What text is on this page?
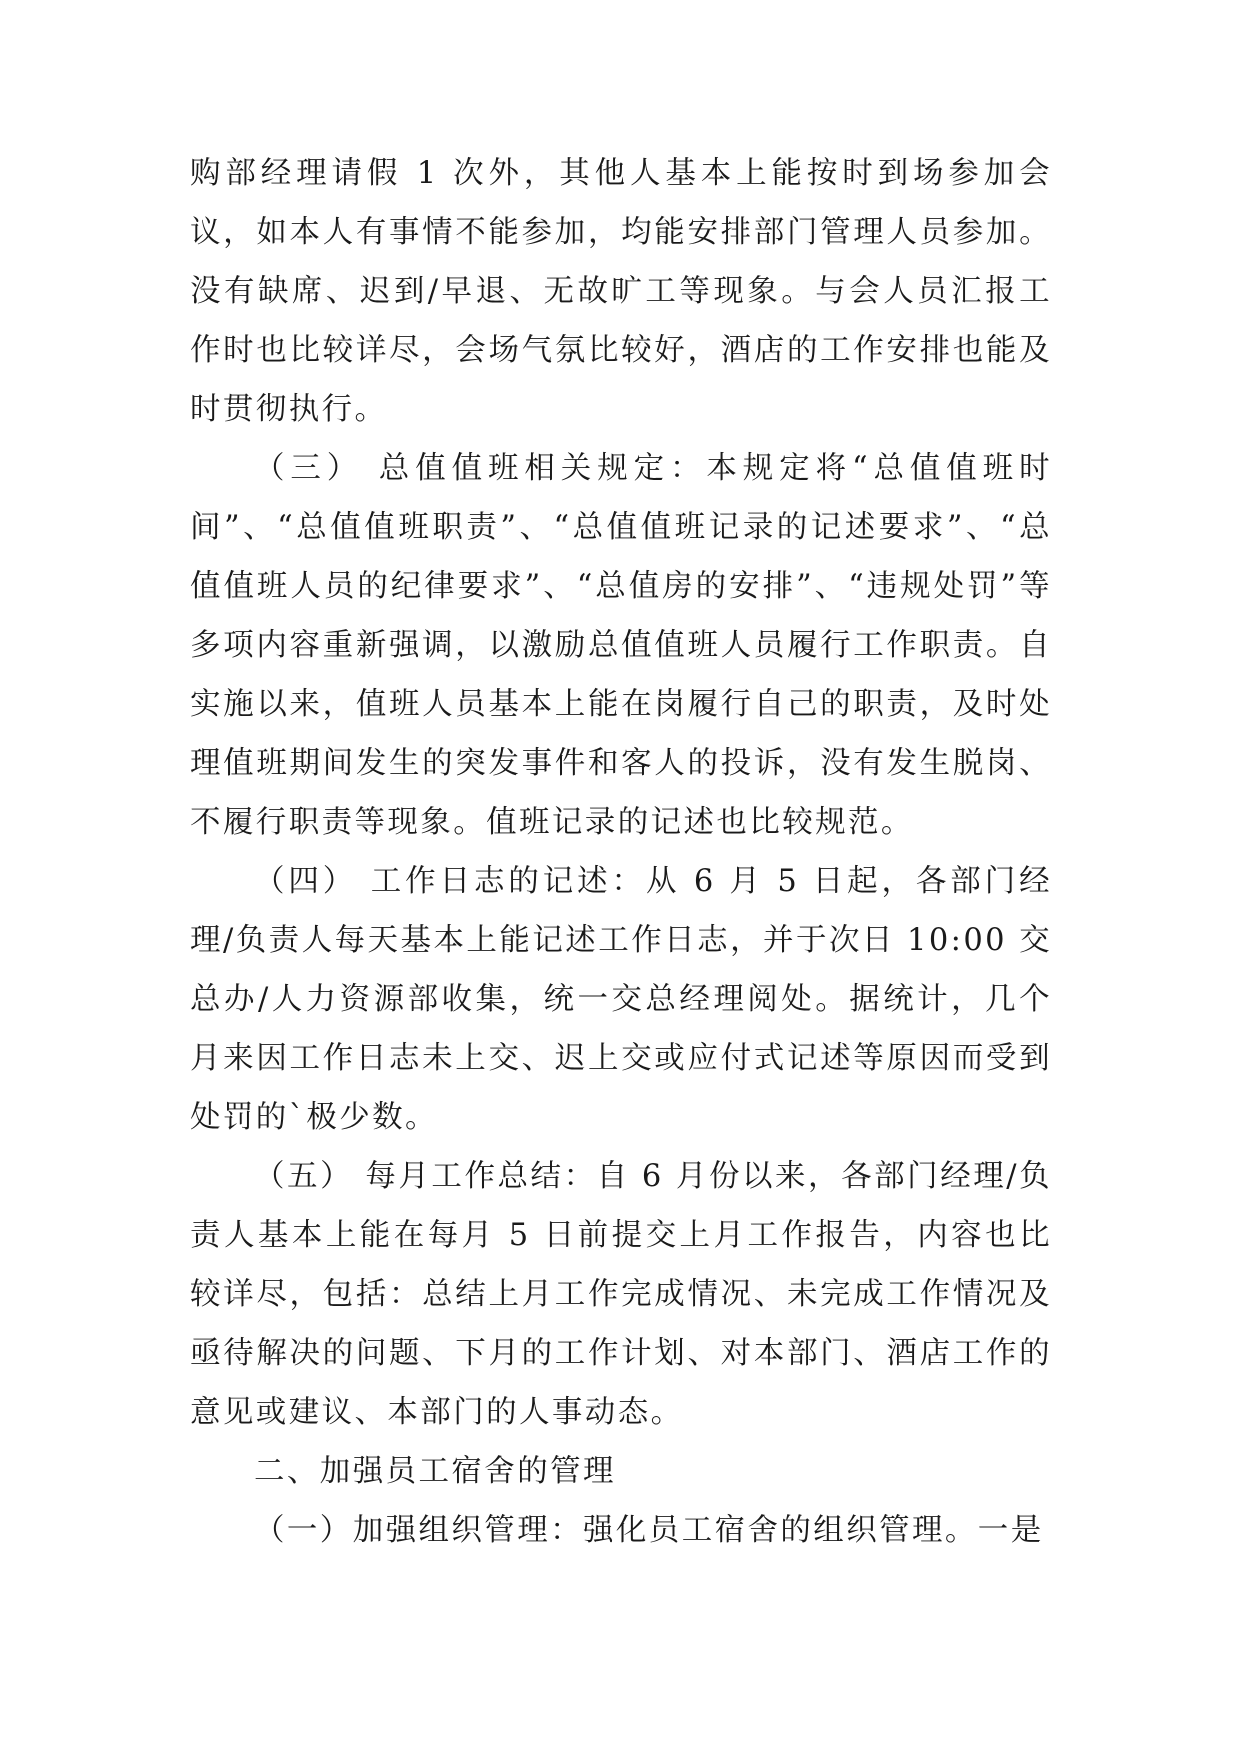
购部经理请假 1 次外，其他人基本上能按时到场参加会议，如本人有事情不能参加，均能安排部门管理人员参加。没有缺席、迟到/早退、无故旷工等现象。与会人员汇报工作时也比较详尽，会场气氛比较好，酒店的工作安排也能及时贯彻执行。

（三） 总值值班相关规定：本规定将“总值值班时间”、“总值值班职责”、“总值值班记录的记述要求”、“总值值班人员的纪律要求”、“总值房的安排”、“违规处罚”等多项内容重新强调，以激励总值值班人员履行工作职责。自实施以来，值班人员基本上能在岗履行自己的职责，及时处理值班期间发生的突发事件和客人的投诉，没有发生脱岗、不履行职责等现象。值班记录的记述也比较规范。

（四） 工作日志的记述：从 6 月 5 日起，各部门经理/负责人每天基本上能记述工作日志，并于次日 10:00 交总办/人力资源部收集，统一交总经理阅处。据统计，几个月来因工作日志未上交、迟上交或应付式记述等原因而受到处罚的`极少数。

（五） 每月工作总结：自 6 月份以来，各部门经理/负责人基本上能在每月 5 日前提交上月工作报告，内容也比较详尽，包括：总结上月工作完成情况、未完成工作情况及亟待解决的问题、下月的工作计划、对本部门、酒店工作的意见或建议、本部门的人事动态。

二、加强员工宿舍的管理

（一）加强组织管理：强化员工宿舍的组织管理。一是
